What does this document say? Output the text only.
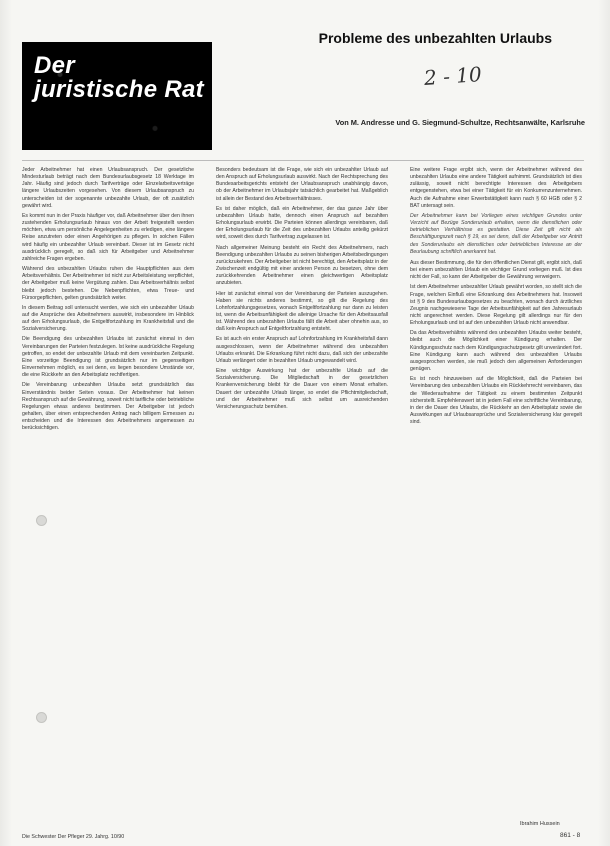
Der
juristische Rat
Probleme des unbezahlten Urlaubs
2 - 10
Von M. Andresse und G. Siegmund-Schultze, Rechtsanwälte, Karlsruhe

Jeder Arbeitnehmer hat einen Urlaubsanspruch. Der gesetzliche Mindesturlaub beträgt nach dem Bundesurlaubsgesetz 18 Werktage im Jahr. Häufig sind jedoch durch Tarifverträge oder Einzelarbeitsverträge längere Urlaubszeiten vorgesehen. Von diesem Urlaubsanspruch zu unterscheiden ist der sogenannte unbezahlte Urlaub, der oft zusätzlich gewährt wird.

Es kommt nun in der Praxis häufiger vor, daß Arbeitnehmer über den ihnen zustehenden Erholungsurlaub hinaus von der Arbeit freigestellt werden möchten, etwa um persönliche Angelegenheiten zu erledigen, eine längere Reise anzutreten oder einen Angehörigen zu pflegen. In solchen Fällen wird häufig ein unbezahlter Urlaub vereinbart. Dieser ist im Gesetz nicht ausdrücklich geregelt, so daß sich für Arbeitgeber und Arbeitnehmer zahlreiche Fragen ergeben.

Während des unbezahlten Urlaubs ruhen die Hauptpflichten aus dem Arbeitsverhältnis. Der Arbeitnehmer ist nicht zur Arbeitsleistung verpflichtet, der Arbeitgeber muß keine Vergütung zahlen. Das Arbeitsverhältnis selbst bleibt jedoch bestehen. Die Nebenpflichten, etwa Treue- und Fürsorgepflichten, gelten grundsätzlich weiter.

In diesem Beitrag soll untersucht werden, wie sich ein unbezahlter Urlaub auf die Ansprüche des Arbeitnehmers auswirkt, insbesondere im Hinblick auf den Erholungsurlaub, die Entgeltfortzahlung im Krankheitsfall und die Sozialversicherung.

Die Beendigung des unbezahlten Urlaubs ist zunächst einmal in den Vereinbarungen der Parteien festzulegen. Ist keine ausdrückliche Regelung getroffen, so endet der unbezahlte Urlaub mit dem vereinbarten Zeitpunkt. Eine vorzeitige Beendigung ist grundsätzlich nur im gegenseitigen Einvernehmen möglich, es sei denn, es liegen besondere Umstände vor, die eine Rückkehr an den Arbeitsplatz rechtfertigen.

Die Vereinbarung unbezahlten Urlaubs setzt grundsätzlich das Einverständnis beider Seiten voraus. Der Arbeitnehmer hat keinen Rechtsanspruch auf die Gewährung, soweit nicht tarifliche oder betriebliche Regelungen etwas anderes bestimmen. Der Arbeitgeber ist jedoch gehalten, über einen entsprechenden Antrag nach billigem Ermessen zu entscheiden und die Interessen des Arbeitnehmers angemessen zu berücksichtigen.

Besonders bedeutsam ist die Frage, wie sich ein unbezahlter Urlaub auf den Anspruch auf Erholungsurlaub auswirkt. Nach der Rechtsprechung des Bundesarbeitsgerichts entsteht der Urlaubsanspruch unabhängig davon, ob der Arbeitnehmer im Urlaubsjahr tatsächlich gearbeitet hat. Maßgeblich ist allein der Bestand des Arbeitsverhältnisses.

Es ist daher möglich, daß ein Arbeitnehmer, der das ganze Jahr über unbezahlten Urlaub hatte, dennoch einen Anspruch auf bezahlten Erholungsurlaub erwirbt. Die Parteien können allerdings vereinbaren, daß der Erholungsurlaub für die Zeit des unbezahlten Urlaubs anteilig gekürzt wird, soweit dies durch Tarifvertrag zugelassen ist.

Nach allgemeiner Meinung besteht ein Recht des Arbeitnehmers, nach Beendigung unbezahlten Urlaubs zu seinen bisherigen Arbeitsbedingungen zurückzukehren. Der Arbeitgeber ist nicht berechtigt, den Arbeitsplatz in der Zwischenzeit endgültig mit einer anderen Person zu besetzen, ohne dem zurückkehrenden Arbeitnehmer einen gleichwertigen Arbeitsplatz anzubieten.

Hier ist zunächst einmal von der Vereinbarung der Parteien auszugehen. Haben sie nichts anderes bestimmt, so gilt die Regelung des Lohnfortzahlungsgesetzes, wonach Entgeltfortzahlung nur dann zu leisten ist, wenn die Arbeitsunfähigkeit die alleinige Ursache für den Arbeitsausfall ist. Während des unbezahlten Urlaubs fällt die Arbeit aber ohnehin aus, so daß kein Anspruch auf Entgeltfortzahlung entsteht.

Es ist auch ein erster Anspruch auf Lohnfortzahlung im Krankheitsfall dann ausgeschlossen, wenn der Arbeitnehmer während des unbezahlten Urlaubs erkrankt. Die Erkrankung führt nicht dazu, daß sich der unbezahlte Urlaub verlängert oder in bezahlten Urlaub umgewandelt wird.

Eine wichtige Auswirkung hat der unbezahlte Urlaub auf die Sozialversicherung. Die Mitgliedschaft in der gesetzlichen Krankenversicherung bleibt für die Dauer von einem Monat erhalten. Dauert der unbezahlte Urlaub länger, so endet die Pflichtmitgliedschaft, und der Arbeitnehmer muß sich selbst um ausreichenden Versicherungsschutz bemühen.

Eine weitere Frage ergibt sich, wenn der Arbeitnehmer während des unbezahlten Urlaubs eine andere Tätigkeit aufnimmt. Grundsätzlich ist dies zulässig, soweit nicht berechtigte Interessen des Arbeitgebers entgegenstehen, etwa bei einer Tätigkeit für ein Konkurrenzunternehmen. Auch die Aufnahme einer Erwerbstätigkeit kann nach § 60 HGB oder § 2 BAT untersagt sein.

Der Arbeitnehmer kann bei Vorliegen eines wichtigen Grundes unter Verzicht auf Bezüge Sonderurlaub erhalten, wenn die dienstlichen oder betrieblichen Verhältnisse es gestatten. Diese Zeit gilt nicht als Beschäftigungszeit nach § 19, es sei denn, daß der Arbeitgeber vor Antritt des Sonderurlaubs ein dienstliches oder betriebliches Interesse an der Beurlaubung schriftlich anerkannt hat.

Aus dieser Bestimmung, die für den öffentlichen Dienst gilt, ergibt sich, daß bei einem unbezahlten Urlaub ein wichtiger Grund vorliegen muß. Ist dies nicht der Fall, so kann der Arbeitgeber die Gewährung verweigern.

Ist dem Arbeitnehmer unbezahlter Urlaub gewährt worden, so stellt sich die Frage, welchen Einfluß eine Erkrankung des Arbeitnehmers hat. Insoweit ist § 9 des Bundesurlaubsgesetzes zu beachten, wonach durch ärztliches Zeugnis nachgewiesene Tage der Arbeitsunfähigkeit auf den Jahresurlaub nicht angerechnet werden. Diese Regelung gilt allerdings nur für den Erholungsurlaub und ist auf den unbezahlten Urlaub nicht anwendbar.

Da das Arbeitsverhältnis während des unbezahlten Urlaubs weiter besteht, bleibt auch die Möglichkeit einer Kündigung erhalten. Der Kündigungsschutz nach dem Kündigungsschutzgesetz gilt unverändert fort. Eine Kündigung kann auch während des unbezahlten Urlaubs ausgesprochen werden, sie muß jedoch den allgemeinen Anforderungen genügen.

Es ist noch hinzuweisen auf die Möglichkeit, daß die Parteien bei Vereinbarung des unbezahlten Urlaubs ein Rückkehrrecht vereinbaren, das die Wiederaufnahme der Tätigkeit zu einem bestimmten Zeitpunkt sicherstellt. Empfehlenswert ist in jedem Fall eine schriftliche Vereinbarung, in der die Dauer des Urlaubs, die Rückkehr an den Arbeitsplatz sowie die Auswirkungen auf Urlaubsansprüche und Sozialversicherung klar geregelt sind.

Ibrahim Hussein
Die Schwester Der Pfleger 29. Jahrg. 10/90	861 - 8
